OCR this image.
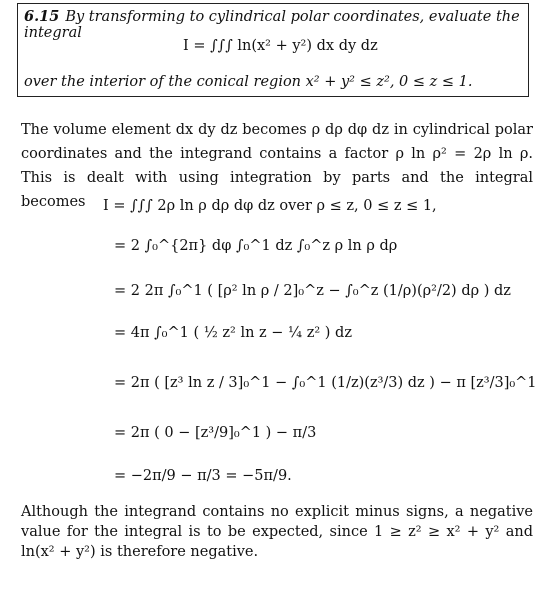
6.15 By transforming to cylindrical polar coordinates, evaluate the integral
I = ∫∫∫ ln(x² + y²) dx dy dz
over the interior of the conical region x² + y² ≤ z², 0 ≤ z ≤ 1.
The volume element dx dy dz becomes ρ dρ dφ dz in cylindrical polar coordinates and the integrand contains a factor ρ ln ρ² = 2ρ ln ρ. This is dealt with using integration by parts and the integral becomes	I = ∫∫∫ 2ρ ln ρ dρ dφ dz over ρ ≤ z, 0 ≤ z ≤ 1,
= 2 ∫₀^{2π} dφ ∫₀^1 dz ∫₀^z ρ ln ρ dρ
= 2 2π ∫₀^1 ( [ρ² ln ρ / 2]₀^z − ∫₀^z (1/ρ)(ρ²/2) dρ ) dz
= 4π ∫₀^1 ( ½ z² ln z − ¼ z² ) dz
= 2π ( [z³ ln z / 3]₀^1 − ∫₀^1 (1/z)(z³/3) dz ) − π [z³/3]₀^1
= 2π ( 0 − [z³/9]₀^1 ) − π/3
= −2π/9 − π/3 = −5π/9.
Although the integrand contains no explicit minus signs, a negative value for the integral is to be expected, since 1 ≥ z² ≥ x² + y² and ln(x² + y²) is therefore negative.
